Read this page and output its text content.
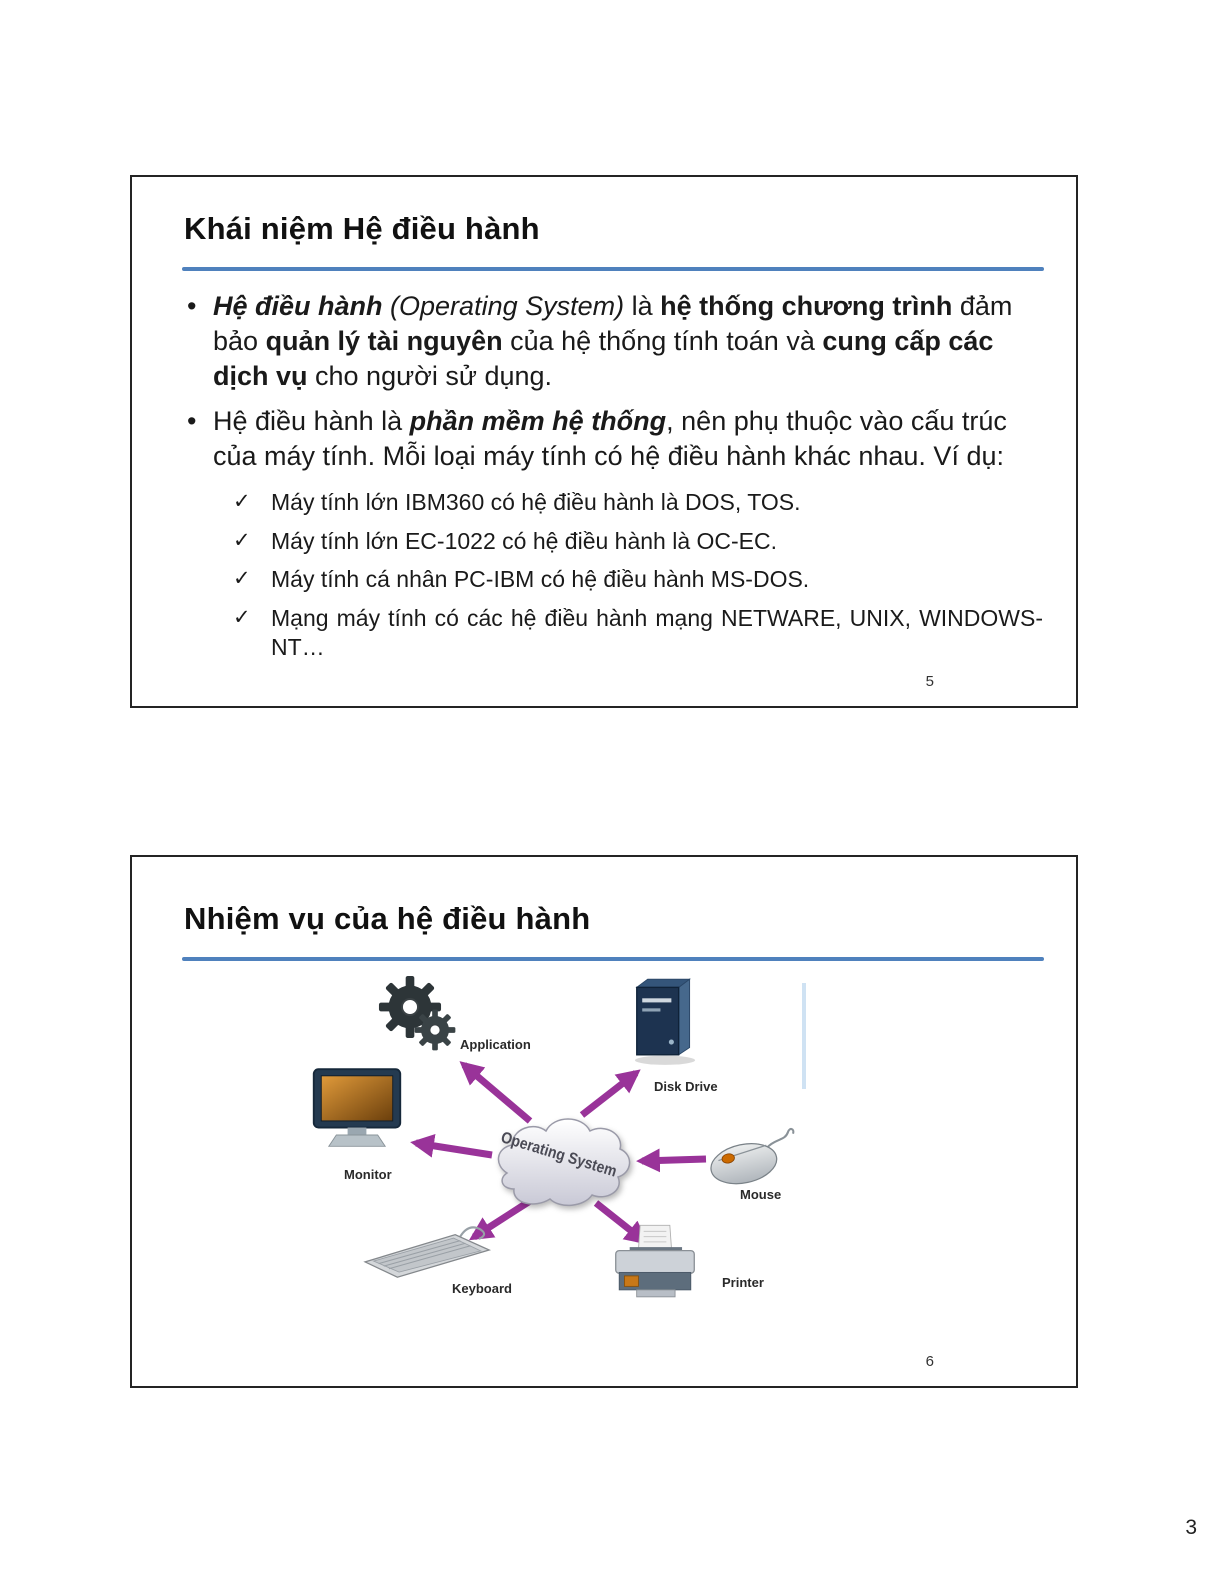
Khái niệm Hệ điều hành

• Hệ điều hành (Operating System) là hệ thống chương trình đảm bảo quản lý tài nguyên của hệ thống tính toán và cung cấp các dịch vụ cho người sử dụng.

• Hệ điều hành là phần mềm hệ thống, nên phụ thuộc vào cấu trúc của máy tính. Mỗi loại máy tính có hệ điều hành khác nhau. Ví dụ:

✓ Máy tính lớn IBM360 có hệ điều hành là DOS, TOS.
✓ Máy tính lớn EC-1022 có hệ điều hành là OC-EC.
✓ Máy tính cá nhân PC-IBM có hệ điều hành MS-DOS.
✓ Mạng máy tính có các hệ điều hành mạng NETWARE, UNIX, WINDOWS-NT…
5
Nhiệm vụ của hệ điều hành
Application
Disk Drive
Monitor	Operating System
Mouse
Keyboard	Printer
6
3
